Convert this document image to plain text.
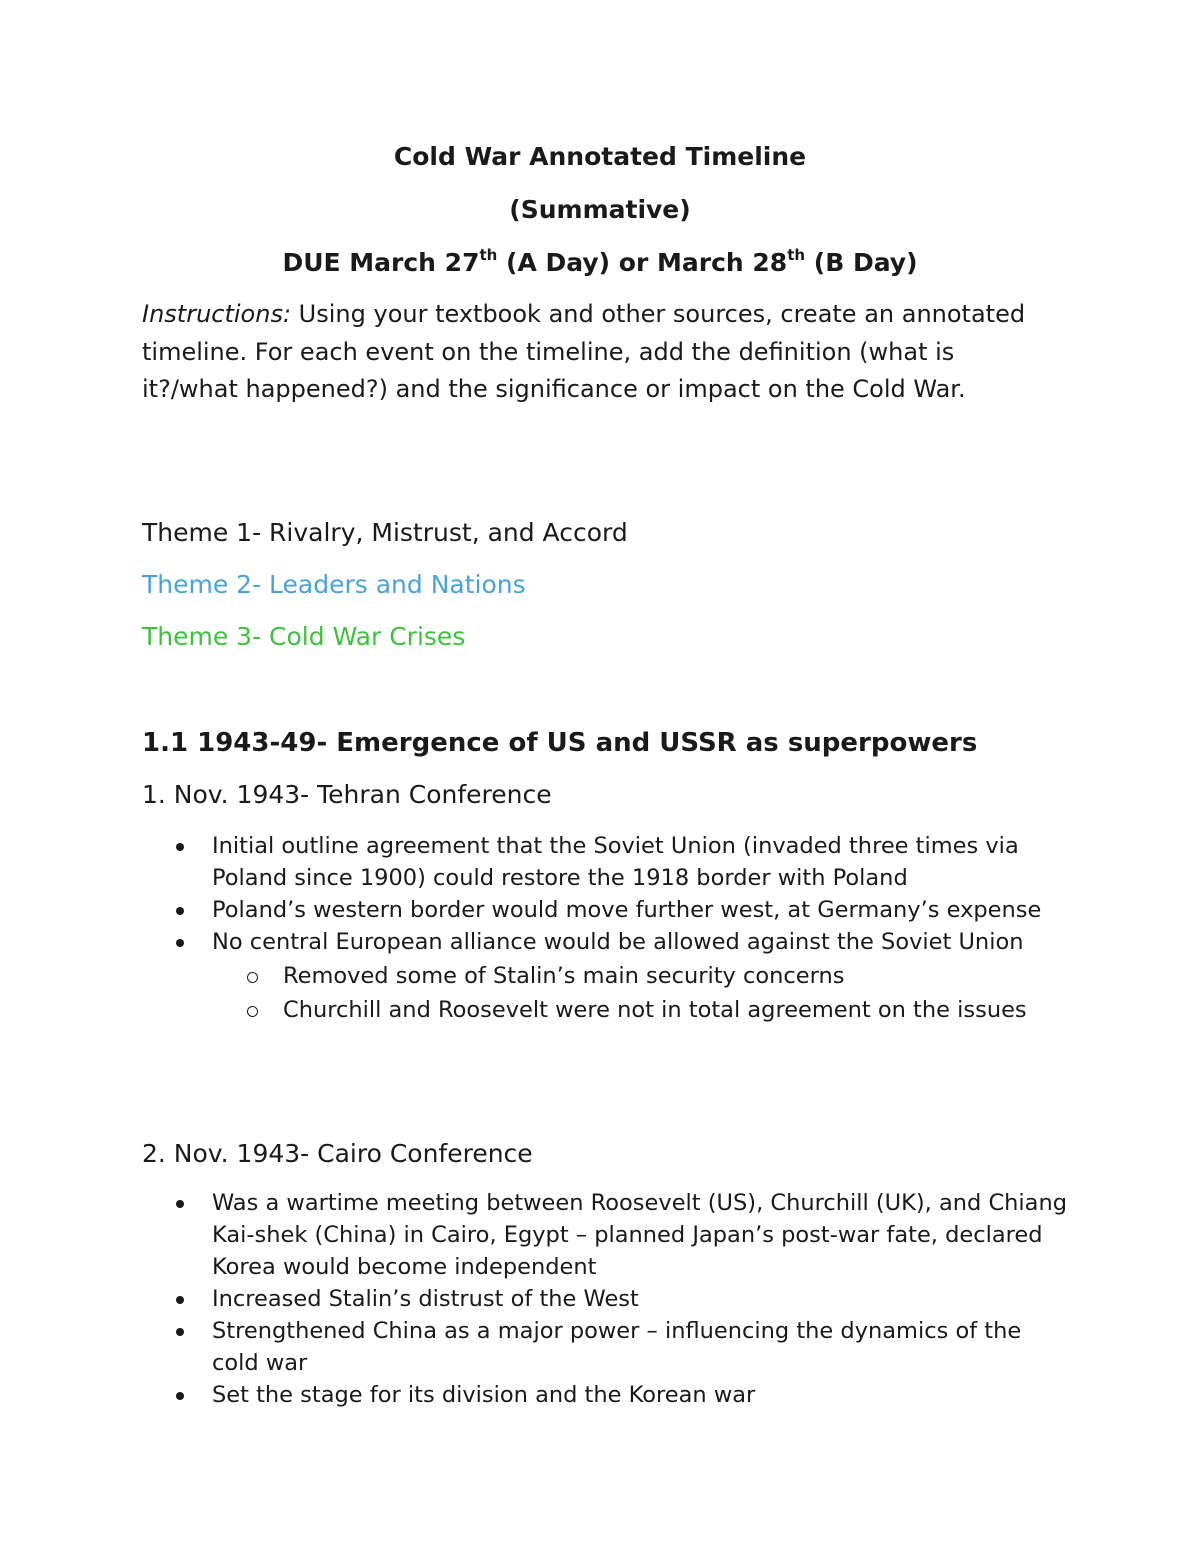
Cold War Annotated Timeline
(Summative)
DUE March 27th (A Day) or March 28th (B Day)
Instructions: Using your textbook and other sources, create an annotated timeline. For each event on the timeline, add the definition (what is it?/what happened?) and the significance or impact on the Cold War.
Theme 1- Rivalry, Mistrust, and Accord
Theme 2- Leaders and Nations
Theme 3- Cold War Crises
1.1 1943-49- Emergence of US and USSR as superpowers
1. Nov. 1943- Tehran Conference
Initial outline agreement that the Soviet Union (invaded three times via Poland since 1900) could restore the 1918 border with Poland
Poland’s western border would move further west, at Germany’s expense
No central European alliance would be allowed against the Soviet Union
Removed some of Stalin’s main security concerns
Churchill and Roosevelt were not in total agreement on the issues
2. Nov. 1943- Cairo Conference
Was a wartime meeting between Roosevelt (US), Churchill (UK), and Chiang Kai-shek (China) in Cairo, Egypt – planned Japan’s post-war fate, declared Korea would become independent
Increased Stalin’s distrust of the West
Strengthened China as a major power – influencing the dynamics of the cold war
Set the stage for its division and the Korean war
